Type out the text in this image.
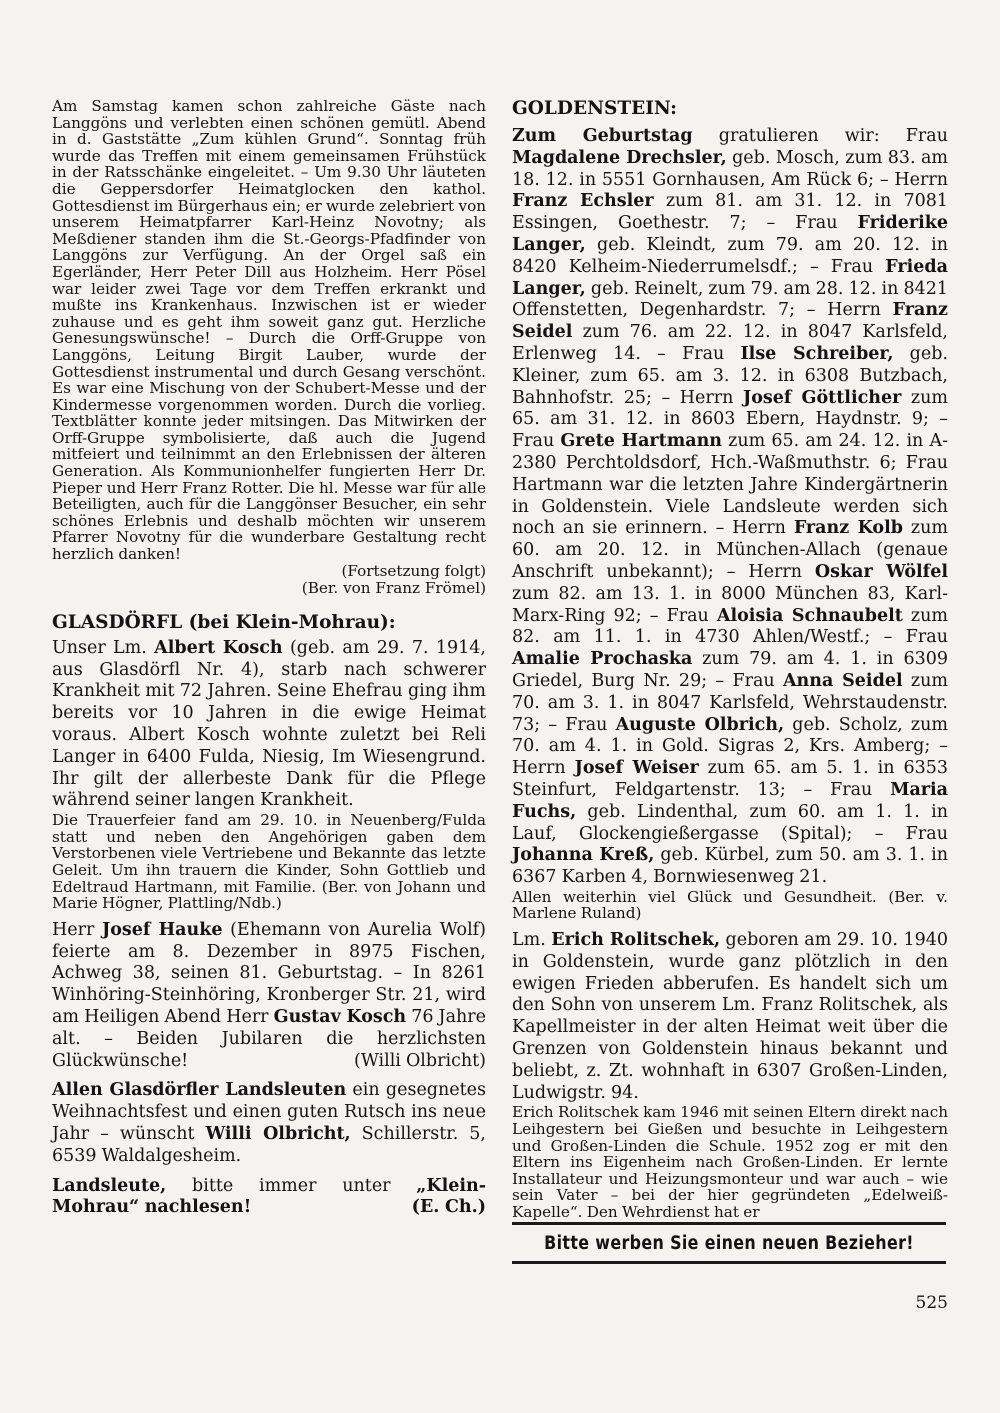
Am Samstag kamen schon zahlreiche Gäste nach Langgöns und verlebten einen schönen gemütl. Abend in d. Gaststätte „Zum kühlen Grund“. Sonntag früh wurde das Treffen mit einem gemeinsamen Frühstück in der Ratsschänke eingeleitet. – Um 9.30 Uhr läuteten die Geppersdorfer Heimatglocken den kathol. Gottesdienst im Bürgerhaus ein; er wurde zelebriert von unserem Heimatpfarrer Karl-Heinz Novotny; als Meßdiener standen ihm die St.-Georgs-Pfadfinder von Langgöns zur Verfügung. An der Orgel saß ein Egerländer, Herr Peter Dill aus Holzheim. Herr Pösel war leider zwei Tage vor dem Treffen erkrankt und mußte ins Krankenhaus. Inzwischen ist er wieder zuhause und es geht ihm soweit ganz gut. Herzliche Genesungswünsche! – Durch die Orff-Gruppe von Langgöns, Leitung Birgit Lauber, wurde der Gottesdienst instrumental und durch Gesang verschönt. Es war eine Mischung von der Schubert-Messe und der Kindermesse vorgenommen worden. Durch die vorlieg. Textblätter konnte jeder mitsingen. Das Mitwirken der Orff-Gruppe symbolisierte, daß auch die Jugend mitfeiert und teilnimmt an den Erlebnissen der älteren Generation. Als Kommunionhelfer fungierten Herr Dr. Pieper und Herr Franz Rotter. Die hl. Messe war für alle Beteiligten, auch für die Langgönser Besucher, ein sehr schönes Erlebnis und deshalb möchten wir unserem Pfarrer Novotny für die wunderbare Gestaltung recht herzlich danken!
(Fortsetzung folgt)
(Ber. von Franz Frömel)
GLASDÖRFL (bei Klein-Mohrau):
Unser Lm. Albert Kosch (geb. am 29. 7. 1914, aus Glasdörfl Nr. 4), starb nach schwerer Krankheit mit 72 Jahren. Seine Ehefrau ging ihm bereits vor 10 Jahren in die ewige Heimat voraus. Albert Kosch wohnte zuletzt bei Reli Langer in 6400 Fulda, Niesig, Im Wiesengrund. Ihr gilt der allerbeste Dank für die Pflege während seiner langen Krankheit.
Die Trauerfeier fand am 29. 10. in Neuenberg/Fulda statt und neben den Angehörigen gaben dem Verstorbenen viele Vertriebene und Bekannte das letzte Geleit. Um ihn trauern die Kinder, Sohn Gottlieb und Edeltraud Hartmann, mit Familie. (Ber. von Johann und Marie Högner, Plattling/Ndb.)
Herr Josef Hauke (Ehemann von Aurelia Wolf) feierte am 8. Dezember in 8975 Fischen, Achweg 38, seinen 81. Geburtstag. – In 8261 Winhöring-Steinhöring, Kronberger Str. 21, wird am Heiligen Abend Herr Gustav Kosch 76 Jahre alt. – Beiden Jubilaren die herzlichsten Glückwünsche!	(Willi Olbricht)
Allen Glasdörfler Landsleuten ein gesegnetes Weihnachtsfest und einen guten Rutsch ins neue Jahr – wünscht Willi Olbricht, Schillerstr. 5, 6539 Waldalgesheim.
Landsleute, bitte immer unter „Klein-Mohrau“ nachlesen!	(E. Ch.)
GOLDENSTEIN:
Zum Geburtstag gratulieren wir: Frau Magdalene Drechsler, geb. Mosch, zum 83. am 18. 12. in 5551 Gornhausen, Am Rück 6; – Herrn Franz Echsler zum 81. am 31. 12. in 7081 Essingen, Goethestr. 7; – Frau Friderike Langer, geb. Kleindt, zum 79. am 20. 12. in 8420 Kelheim-Niederrumelsdf.; – Frau Frieda Langer, geb. Reinelt, zum 79. am 28. 12. in 8421 Offenstetten, Degenhardstr. 7; – Herrn Franz Seidel zum 76. am 22. 12. in 8047 Karlsfeld, Erlenweg 14. – Frau Ilse Schreiber, geb. Kleiner, zum 65. am 3. 12. in 6308 Butzbach, Bahnhofstr. 25; – Herrn Josef Göttlicher zum 65. am 31. 12. in 8603 Ebern, Haydnstr. 9; – Frau Grete Hartmann zum 65. am 24. 12. in A-2380 Perchtoldsdorf, Hch.-Waßmuthstr. 6; Frau Hartmann war die letzten Jahre Kindergärtnerin in Goldenstein. Viele Landsleute werden sich noch an sie erinnern. – Herrn Franz Kolb zum 60. am 20. 12. in München-Allach (genaue Anschrift unbekannt); – Herrn Oskar Wölfel zum 82. am 13. 1. in 8000 München 83, Karl-Marx-Ring 92; – Frau Aloisia Schnaubelt zum 82. am 11. 1. in 4730 Ahlen/Westf.; – Frau Amalie Prochaska zum 79. am 4. 1. in 6309 Griedel, Burg Nr. 29; – Frau Anna Seidel zum 70. am 3. 1. in 8047 Karlsfeld, Wehrstaudenstr. 73; – Frau Auguste Olbrich, geb. Scholz, zum 70. am 4. 1. in Gold. Sigras 2, Krs. Amberg; – Herrn Josef Weiser zum 65. am 5. 1. in 6353 Steinfurt, Feldgartenstr. 13; – Frau Maria Fuchs, geb. Lindenthal, zum 60. am 1. 1. in Lauf, Glockengießergasse (Spital); – Frau Johanna Kreß, geb. Kürbel, zum 50. am 3. 1. in 6367 Karben 4, Bornwiesenweg 21.
Allen weiterhin viel Glück und Gesundheit. (Ber. v. Marlene Ruland)
Lm. Erich Rolitschek, geboren am 29. 10. 1940 in Goldenstein, wurde ganz plötzlich in den ewigen Frieden abberufen. Es handelt sich um den Sohn von unserem Lm. Franz Rolitschek, als Kapellmeister in der alten Heimat weit über die Grenzen von Goldenstein hinaus bekannt und beliebt, z. Zt. wohnhaft in 6307 Großen-Linden, Ludwigstr. 94.
Erich Rolitschek kam 1946 mit seinen Eltern direkt nach Leihgestern bei Gießen und besuchte in Leihgestern und Großen-Linden die Schule. 1952 zog er mit den Eltern ins Eigenheim nach Großen-Linden. Er lernte Installateur und Heizungsmonteur und war auch – wie sein Vater – bei der hier gegründeten „Edelweiß-Kapelle“. Den Wehrdienst hat er
Bitte werben Sie einen neuen Bezieher!
525
